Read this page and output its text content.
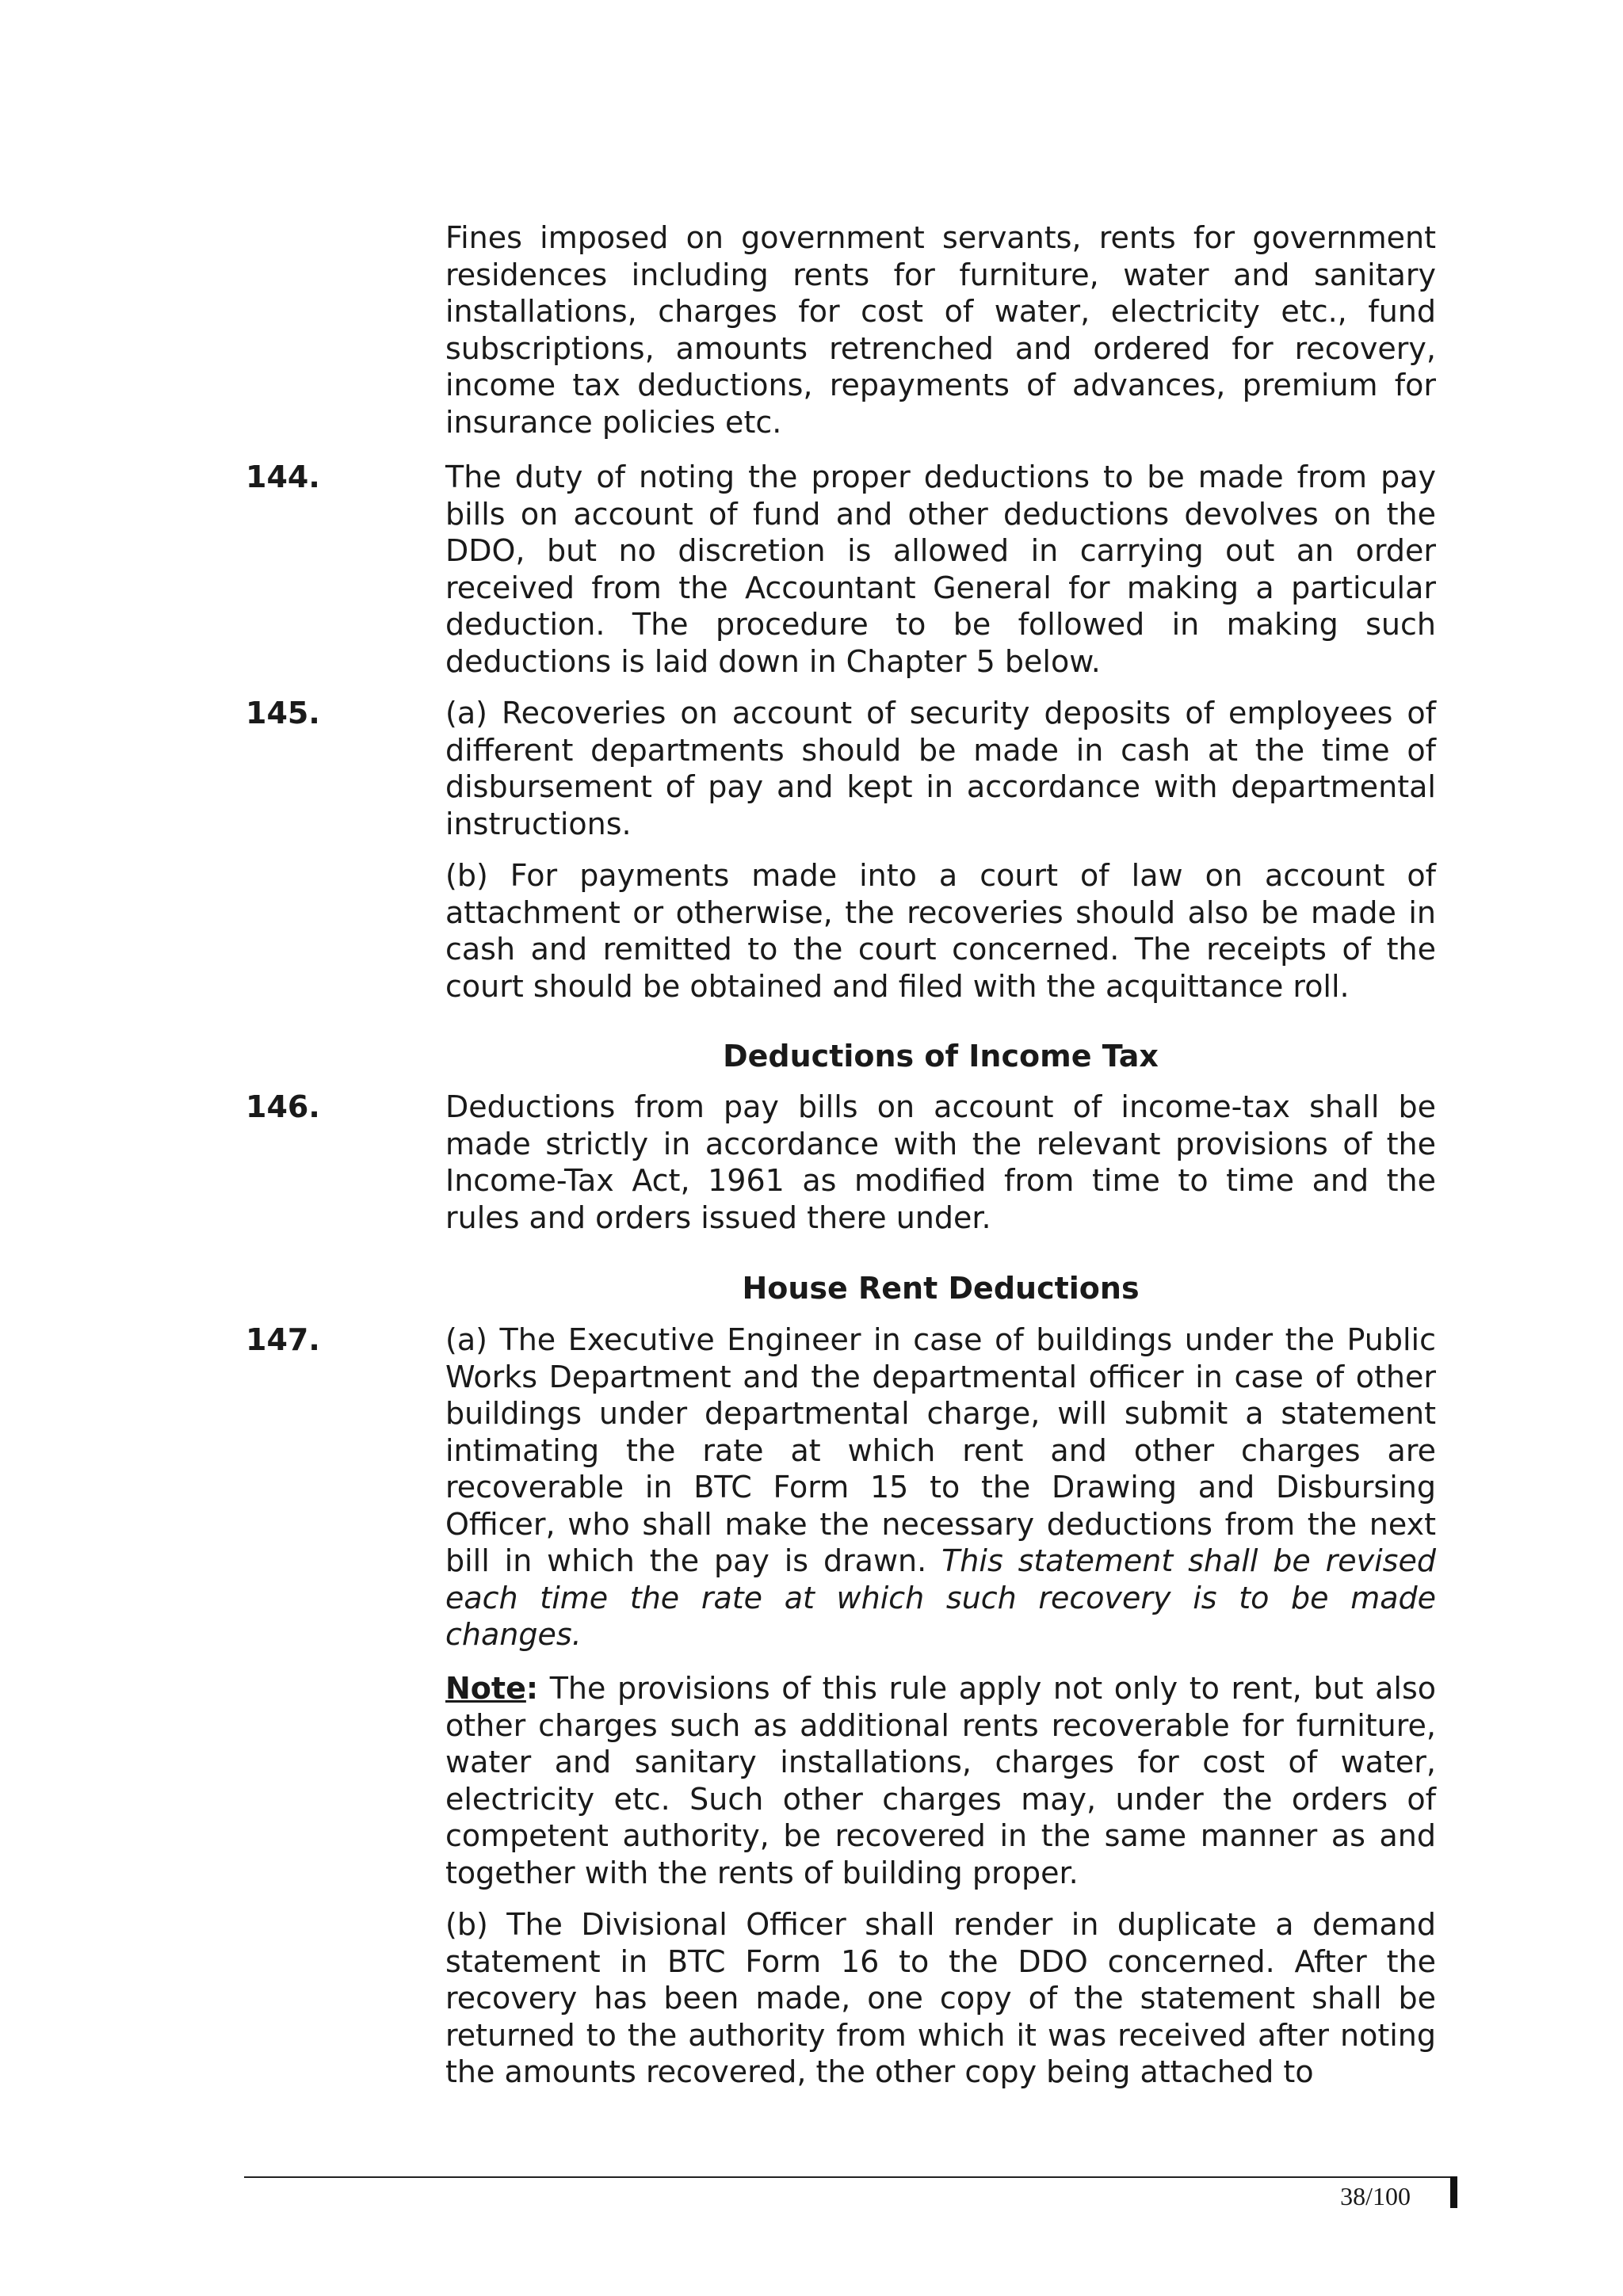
Fines imposed on government servants, rents for government residences including rents for furniture, water and sanitary installations, charges for cost of water, electricity etc., fund subscriptions, amounts retrenched and ordered for recovery, income tax deductions, repayments of advances, premium for insurance policies etc.

144.	The duty of noting the proper deductions to be made from pay bills on account of fund and other deductions devolves on the DDO, but no discretion is allowed in carrying out an order received from the Accountant General for making a particular deduction. The procedure to be followed in making such deductions is laid down in Chapter 5 below.

145.	(a) Recoveries on account of security deposits of employees of different departments should be made in cash at the time of disbursement of pay and kept in accordance with departmental instructions.

(b) For payments made into a court of law on account of attachment or otherwise, the recoveries should also be made in cash and remitted to the court concerned. The receipts of the court should be obtained and filed with the acquittance roll.

Deductions of Income Tax

146.	Deductions from pay bills on account of income-tax shall be made strictly in accordance with the relevant provisions of the Income-Tax Act, 1961 as modified from time to time and the rules and orders issued there under.

House Rent Deductions

147.	(a) The Executive Engineer in case of buildings under the Public Works Department and the departmental officer in case of other buildings under departmental charge, will submit a statement intimating the rate at which rent and other charges are recoverable in BTC Form 15 to the Drawing and Disbursing Officer, who shall make the necessary deductions from the next bill in which the pay is drawn. This statement shall be revised each time the rate at which such recovery is to be made changes.

Note: The provisions of this rule apply not only to rent, but also other charges such as additional rents recoverable for furniture, water and sanitary installations, charges for cost of water, electricity etc. Such other charges may, under the orders of competent authority, be recovered in the same manner as and together with the rents of building proper.

(b) The Divisional Officer shall render in duplicate a demand statement in BTC Form 16 to the DDO concerned. After the recovery has been made, one copy of the statement shall be returned to the authority from which it was received after noting the amounts recovered, the other copy being attached to

38/100
